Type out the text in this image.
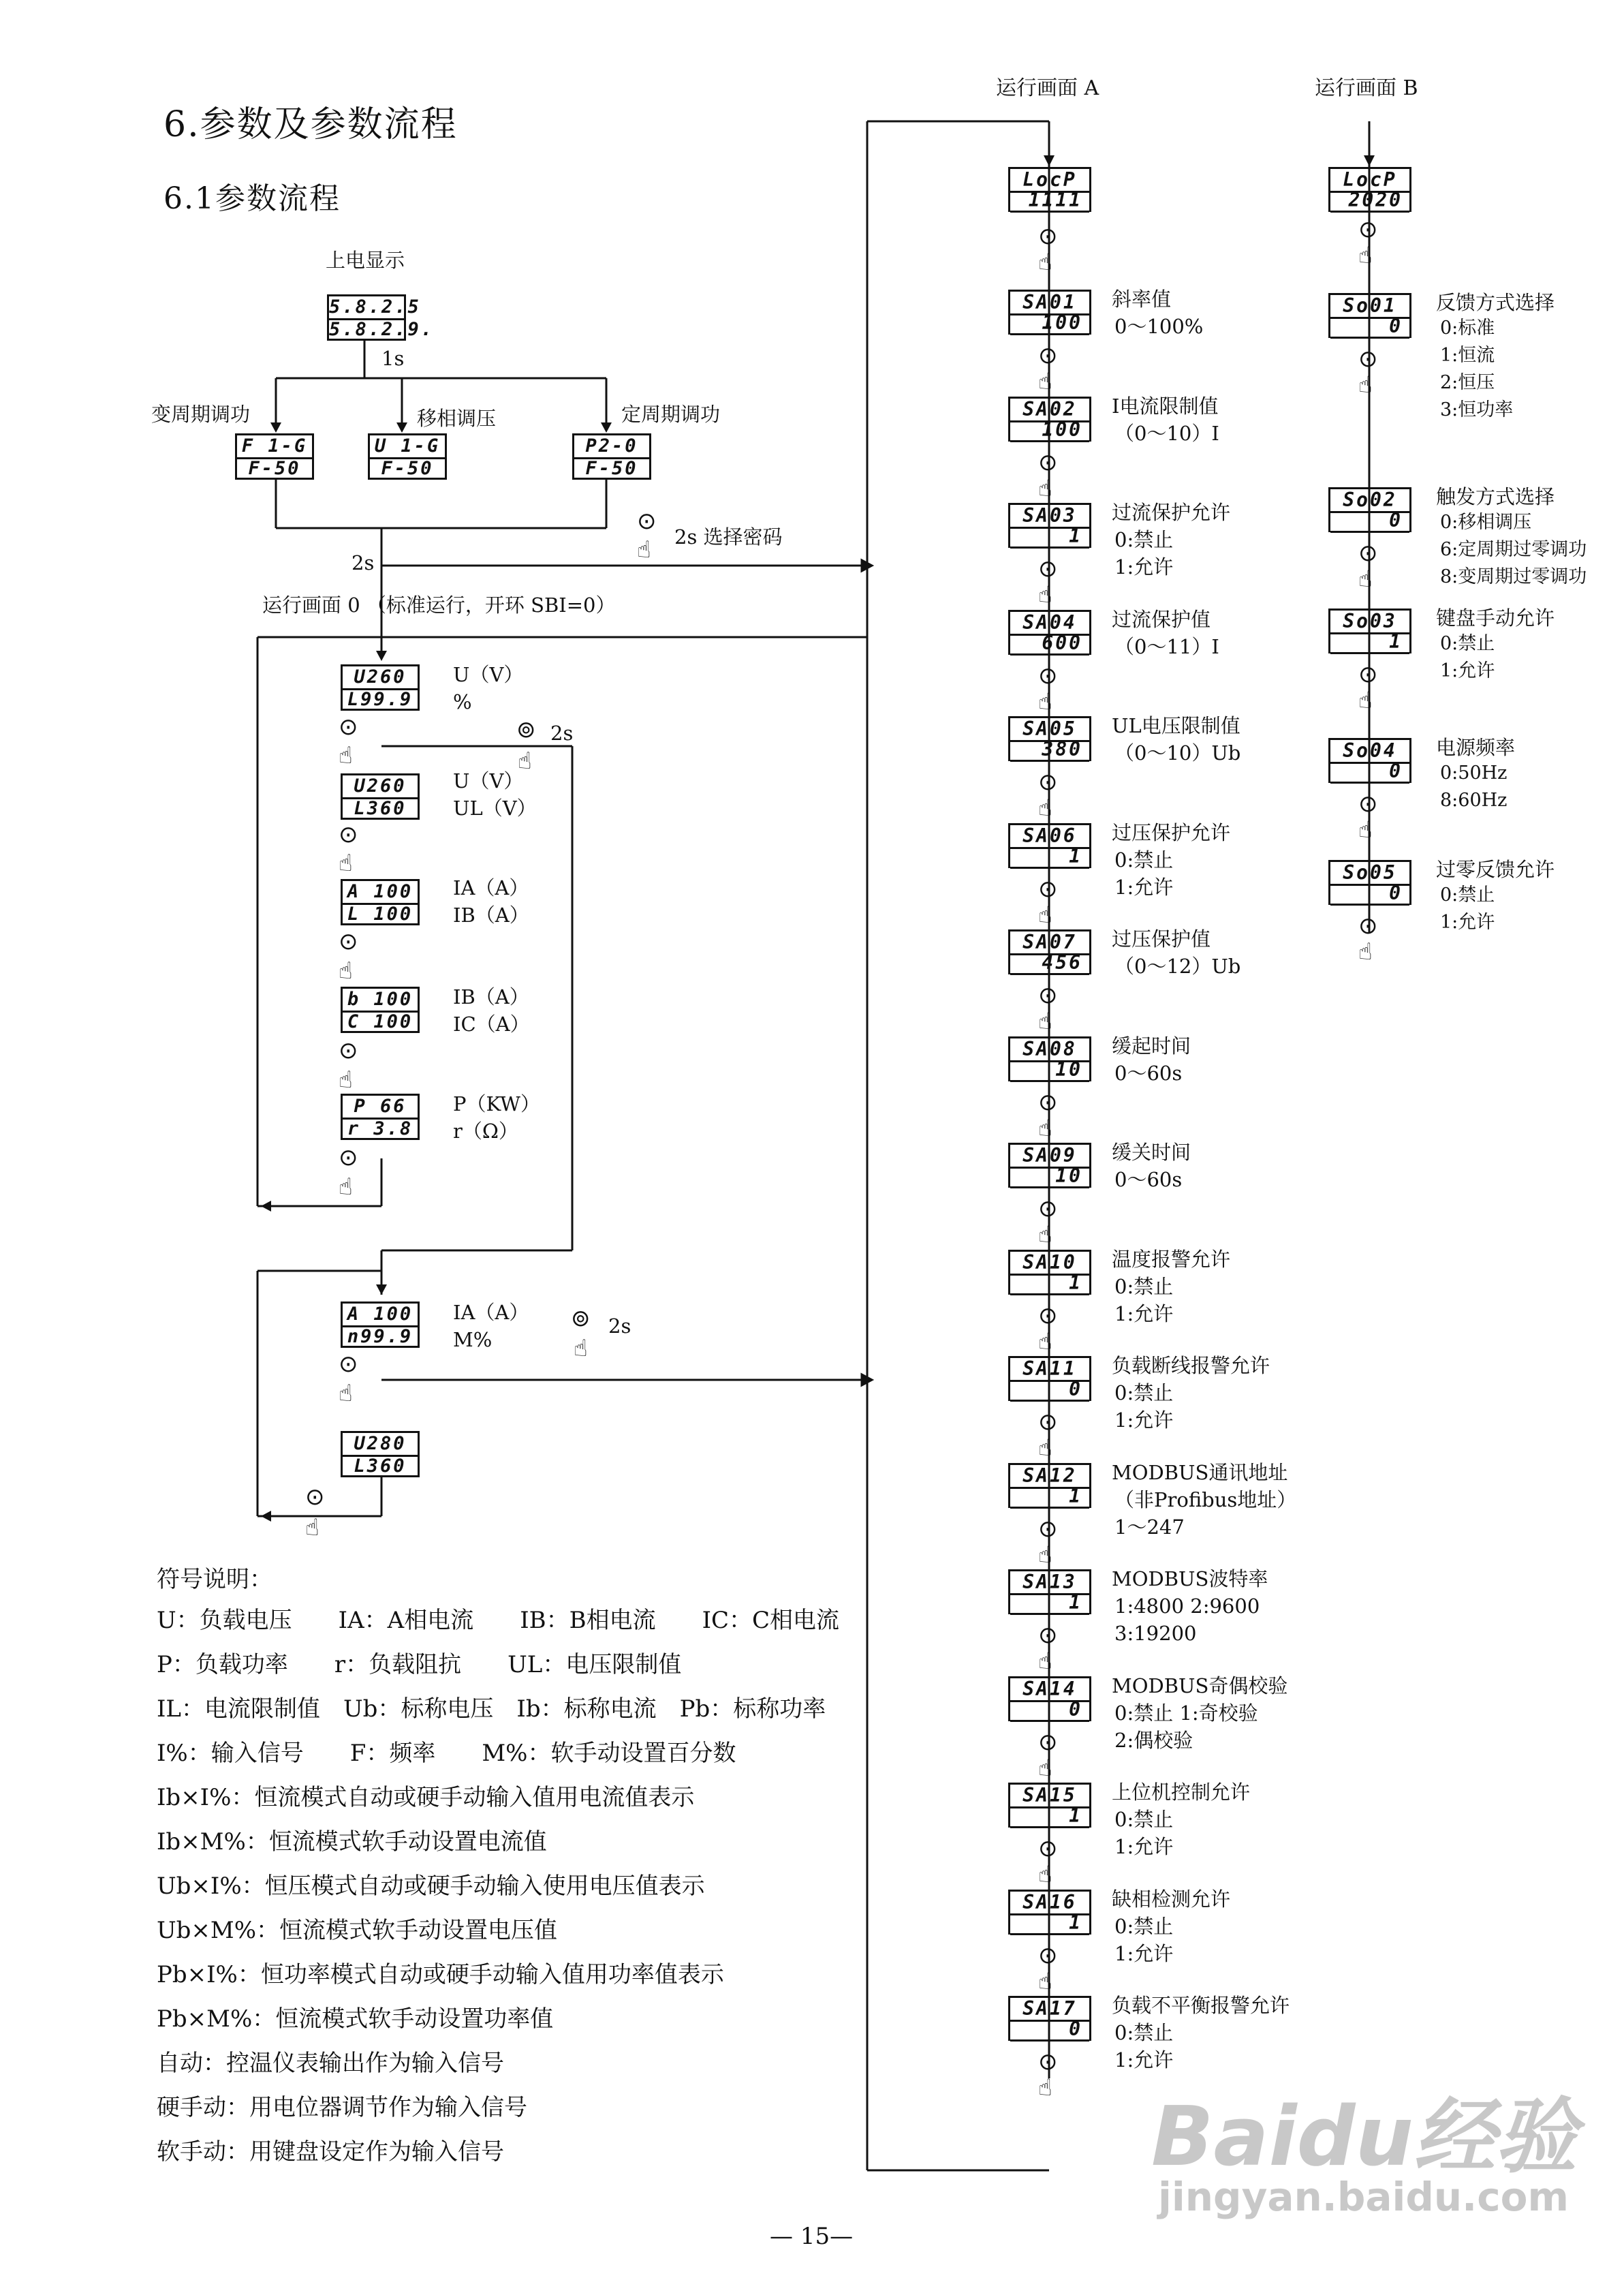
6.参数及参数流程
6.1参数流程
运行画面 A	运行画面 B
上电显示
5.8.2.5
5.8.2.9.
1s
变周期调功	移相调压	定周期调功
F 1-G
F-50
U 1-G
F-50
P2-0
F-50
⊙
☝ 2s 选择密码
2s
运行画面 0 （标准运行，开环 SBI=0）
U260
L99.9
U（V）
%
⊙
☝
⊚ 2s
☝
U260
L360
U（V）
UL（V）
⊙
☝
A 100
L 100
IA（A）
IB（A）
⊙
☝
b 100
C 100
IB（A）
IC（A）
⊙
☝
P 66
r 3.8
P（KW）
r（Ω）
⊙
☝
A 100
n99.9
IA（A）
M%
⊚ 2s
☝
⊙
☝
U280
L360
⊙
☝
符号说明：
U：负载电压　　IA：A相电流　　IB：B相电流　　IC：C相电流
P：负载功率　　r：负载阻抗　　UL：电压限制值
IL：电流限制值　Ub：标称电压　Ib：标称电流　Pb：标称功率
I%：输入信号　　F：频率　　M%：软手动设置百分数
Ib×I%：恒流模式自动或硬手动输入值用电流值表示
Ib×M%：恒流模式软手动设置电流值
Ub×I%：恒压模式自动或硬手动输入使用电压值表示
Ub×M%：恒流模式软手动设置电压值
Pb×I%：恒功率模式自动或硬手动输入值用功率值表示
Pb×M%：恒流模式软手动设置功率值
自动：控温仪表输出作为输入信号
硬手动：用电位器调节作为输入信号
软手动：用键盘设定作为输入信号
LocP
1111
⊙
☝
SA01
100
斜率值
0～100%
⊙
☝
SA02
100
I电流限制值
（0～10）I
⊙
☝
SA03
1
过流保护允许
0:禁止
1:允许
⊙
☝
SA04
600
过流保护值
（0～11）I
⊙
☝
SA05
380
UL电压限制值
（0～10）Ub
⊙
☝
SA06
1
过压保护允许
0:禁止
1:允许
⊙
☝
SA07
456
过压保护值
（0～12）Ub
⊙
☝
SA08
10
缓起时间
0～60s
⊙
☝
SA09
10
缓关时间
0～60s
⊙
☝
SA10
1
温度报警允许
0:禁止
1:允许
⊙
☝
SA11
0
负载断线报警允许
0:禁止
1:允许
⊙
☝
SA12
1
MODBUS通讯地址
（非Profibus地址）
1～247
⊙
☝
SA13
1
MODBUS波特率
1:4800 2:9600
3:19200
⊙
☝
SA14
0
MODBUS奇偶校验
0:禁止 1:奇校验
2:偶校验
⊙
☝
SA15
1
上位机控制允许
0:禁止
1:允许
⊙
☝
SA16
1
缺相检测允许
0:禁止
1:允许
⊙
☝
SA17
0
负载不平衡报警允许
0:禁止
1:允许
⊙
☝
LocP
2020
⊙
☝
So01
0
反馈方式选择
0:标准
1:恒流
2:恒压
3:恒功率
⊙
☝
So02
0
触发方式选择
0:移相调压
6:定周期过零调功
8:变周期过零调功
⊙
☝
So03
1
键盘手动允许
0:禁止
1:允许
⊙
☝
So04
0
电源频率
0:50Hz
8:60Hz
⊙
☝
So05
0
过零反馈允许
0:禁止
1:允许
⊙
☝
— 15—
Baidu经验
jingyan.baidu.com
